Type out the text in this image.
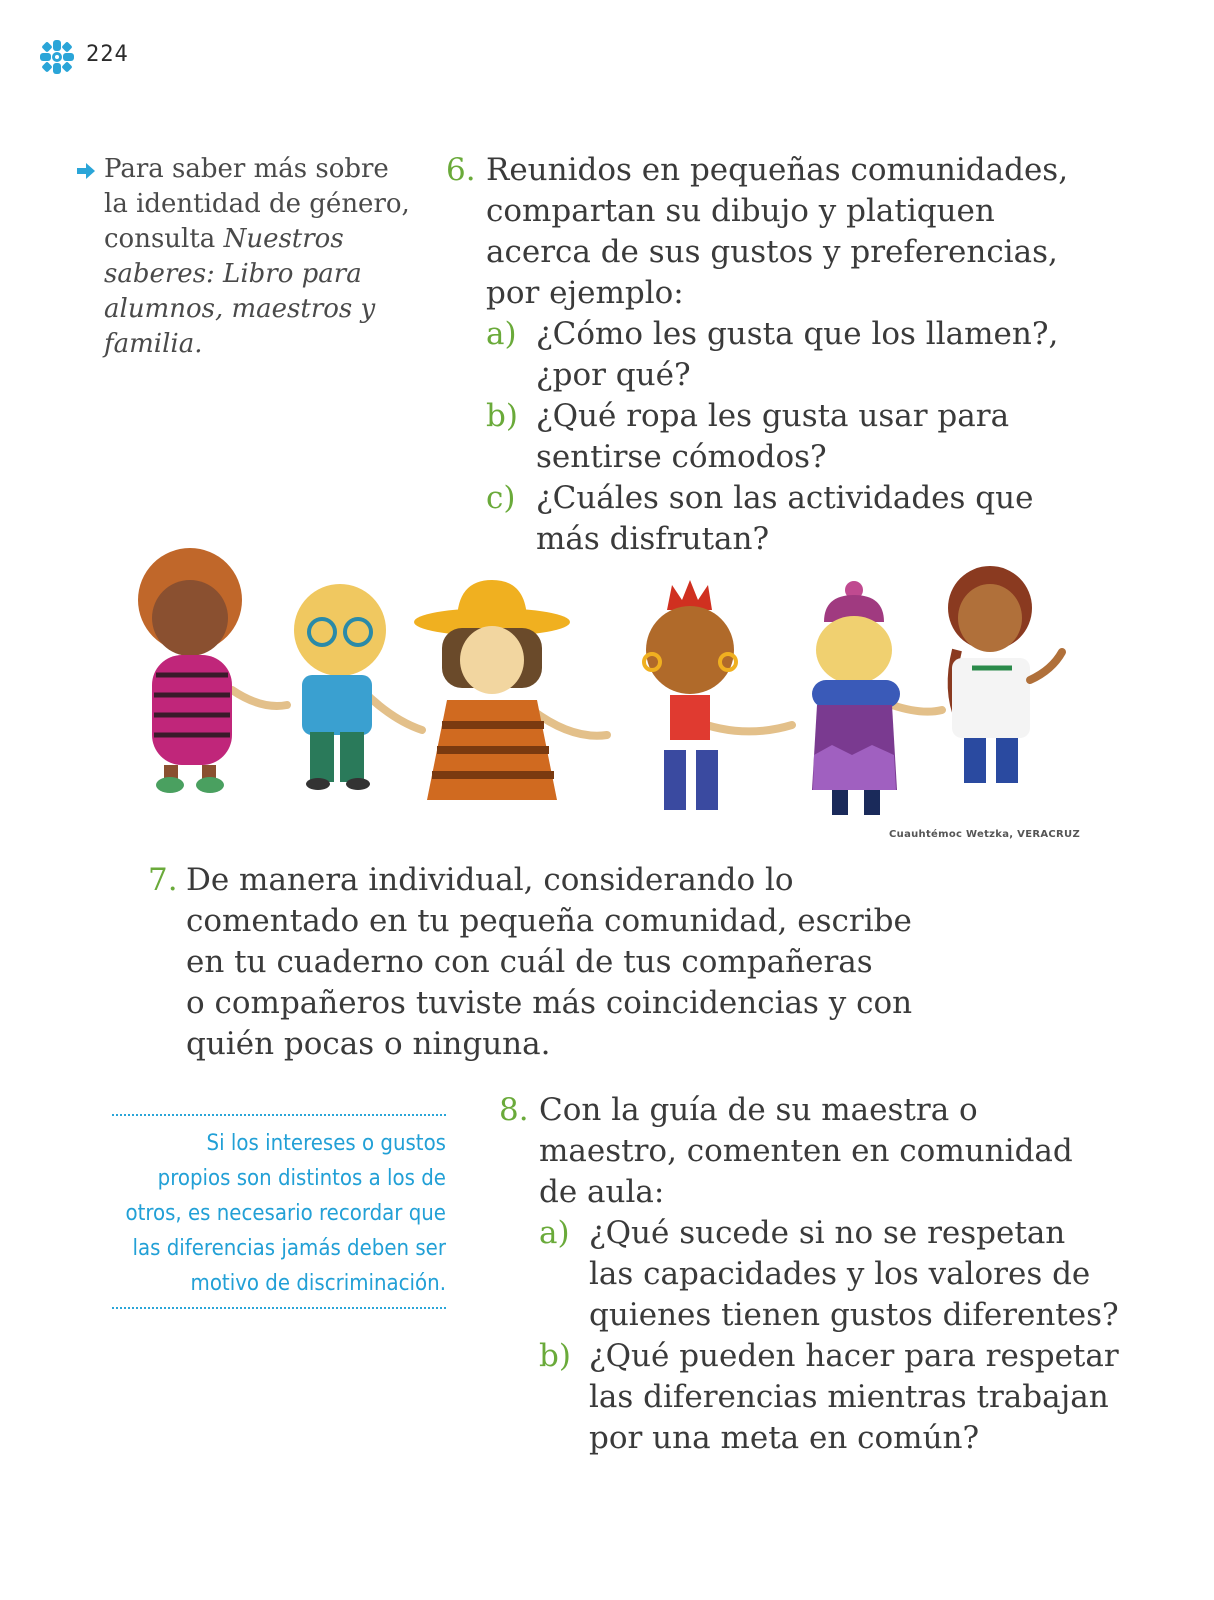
224
Para saber más sobre
la identidad de género,
consulta Nuestros
saberes: Libro para
alumnos, maestros y
familia.
6. Reunidos en pequeñas comunidades,
compartan su dibujo y platiquen
acerca de sus gustos y preferencias,
por ejemplo:
a) ¿Cómo les gusta que los llamen?,
¿por qué?
b) ¿Qué ropa les gusta usar para
sentirse cómodos?
c) ¿Cuáles son las actividades que
más disfrutan?
Cuauhtémoc Wetzka, VERACRUZ
7. De manera individual, considerando lo
comentado en tu pequeña comunidad, escribe
en tu cuaderno con cuál de tus compañeras
o compañeros tuviste más coincidencias y con
quién pocas o ninguna.
Si los intereses o gustos
propios son distintos a los de
otros, es necesario recordar que
las diferencias jamás deben ser
motivo de discriminación.
8. Con la guía de su maestra o
maestro, comenten en comunidad
de aula:
a) ¿Qué sucede si no se respetan
las capacidades y los valores de
quienes tienen gustos diferentes?
b) ¿Qué pueden hacer para respetar
las diferencias mientras trabajan
por una meta en común?
